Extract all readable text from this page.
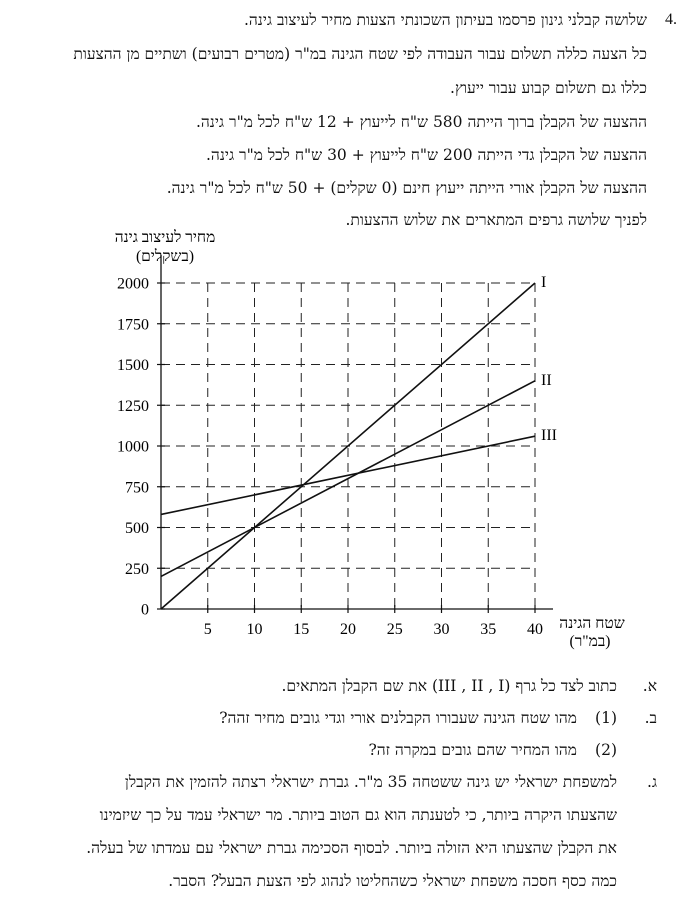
4.
שלושה קבלני גינון פרסמו בעיתון השכונתי הצעות מחיר לעיצוב גינה.
כל הצעה כללה תשלום עבור העבודה לפי שטח הגינה במ"ר (מטרים רבועים) ושתיים מן ההצעות
כללו גם תשלום קבוע עבור ייעוץ.
ההצעה של הקבלן ברוך הייתה 580 ש"ח לייעוץ + 12 ש"ח לכל מ"ר גינה.
ההצעה של הקבלן גדי הייתה 200 ש"ח לייעוץ + 30 ש"ח לכל מ"ר גינה.
ההצעה של הקבלן אורי הייתה ייעוץ חינם (0 שקלים) + 50 ש"ח לכל מ"ר גינה.
לפניך שלושה גרפים המתארים את שלוש ההצעות.
5 10 15 20 25 30 35 40
0
250
500
750
1000
1250
1500
1750
2000	I
II
III
מחיר לעיצוב גינה
(בשקלים)
שטח הגינה
(במ"ר)
א.
כתוב לצד כל גרף (III , II , I) את שם הקבלן המתאים.
ב.
(1)
מהו שטח הגינה שעבורו הקבלנים אורי וגדי גובים מחיר זהה?
(2)
מהו המחיר שהם גובים במקרה זה?
ג.
למשפחת ישראלי יש גינה ששטחה 35 מ"ר. גברת ישראלי רצתה להזמין את הקבלן
שהצעתו היקרה ביותר, כי לטענתה הוא גם הטוב ביותר. מר ישראלי עמד על כך שיזמינו
את הקבלן שהצעתו היא הזולה ביותר. לבסוף הסכימה גברת ישראלי עם עמדתו של בעלה.
כמה כסף חסכה משפחת ישראלי כשהחליטו לנהוג לפי הצעת הבעל? הסבר.
